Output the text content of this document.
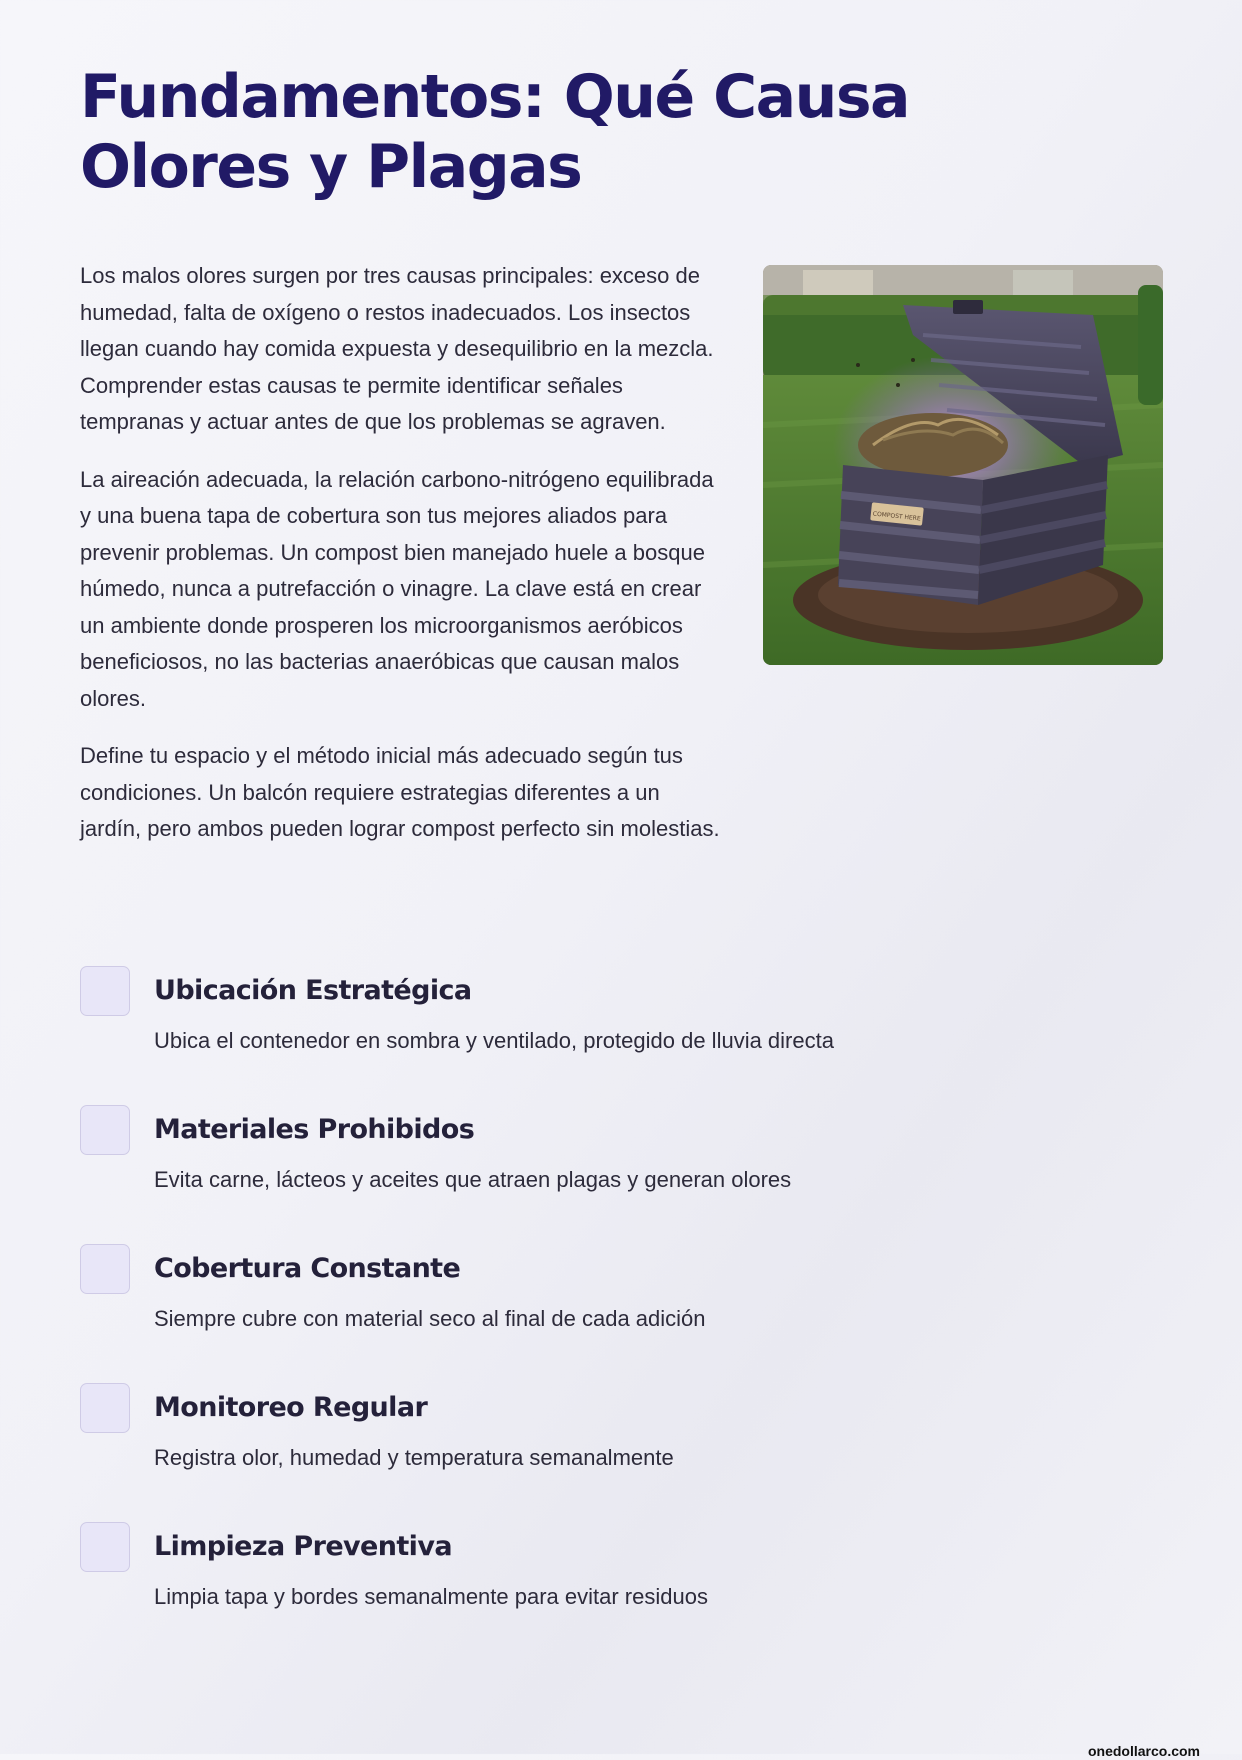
Fundamentos: Qué Causa Olores y Plagas

Los malos olores surgen por tres causas principales: exceso de humedad, falta de oxígeno o restos inadecuados. Los insectos llegan cuando hay comida expuesta y desequilibrio en la mezcla. Comprender estas causas te permite identificar señales tempranas y actuar antes de que los problemas se agraven.

La aireación adecuada, la relación carbono-nitrógeno equilibrada y una buena tapa de cobertura son tus mejores aliados para prevenir problemas. Un compost bien manejado huele a bosque húmedo, nunca a putrefacción o vinagre. La clave está en crear un ambiente donde prosperen los microorganismos aeróbicos beneficiosos, no las bacterias anaeróbicas que causan malos olores.

Define tu espacio y el método inicial más adecuado según tus condiciones. Un balcón requiere estrategias diferentes a un jardín, pero ambos pueden lograr compost perfecto sin molestias.

COMPOST HERE
Ubicación Estratégica

Ubica el contenedor en sombra y ventilado, protegido de lluvia directa

Materiales Prohibidos

Evita carne, lácteos y aceites que atraen plagas y generan olores

Cobertura Constante

Siempre cubre con material seco al final de cada adición

Monitoreo Regular

Registra olor, humedad y temperatura semanalmente

Limpieza Preventiva

Limpia tapa y bordes semanalmente para evitar residuos

onedollarco.com
